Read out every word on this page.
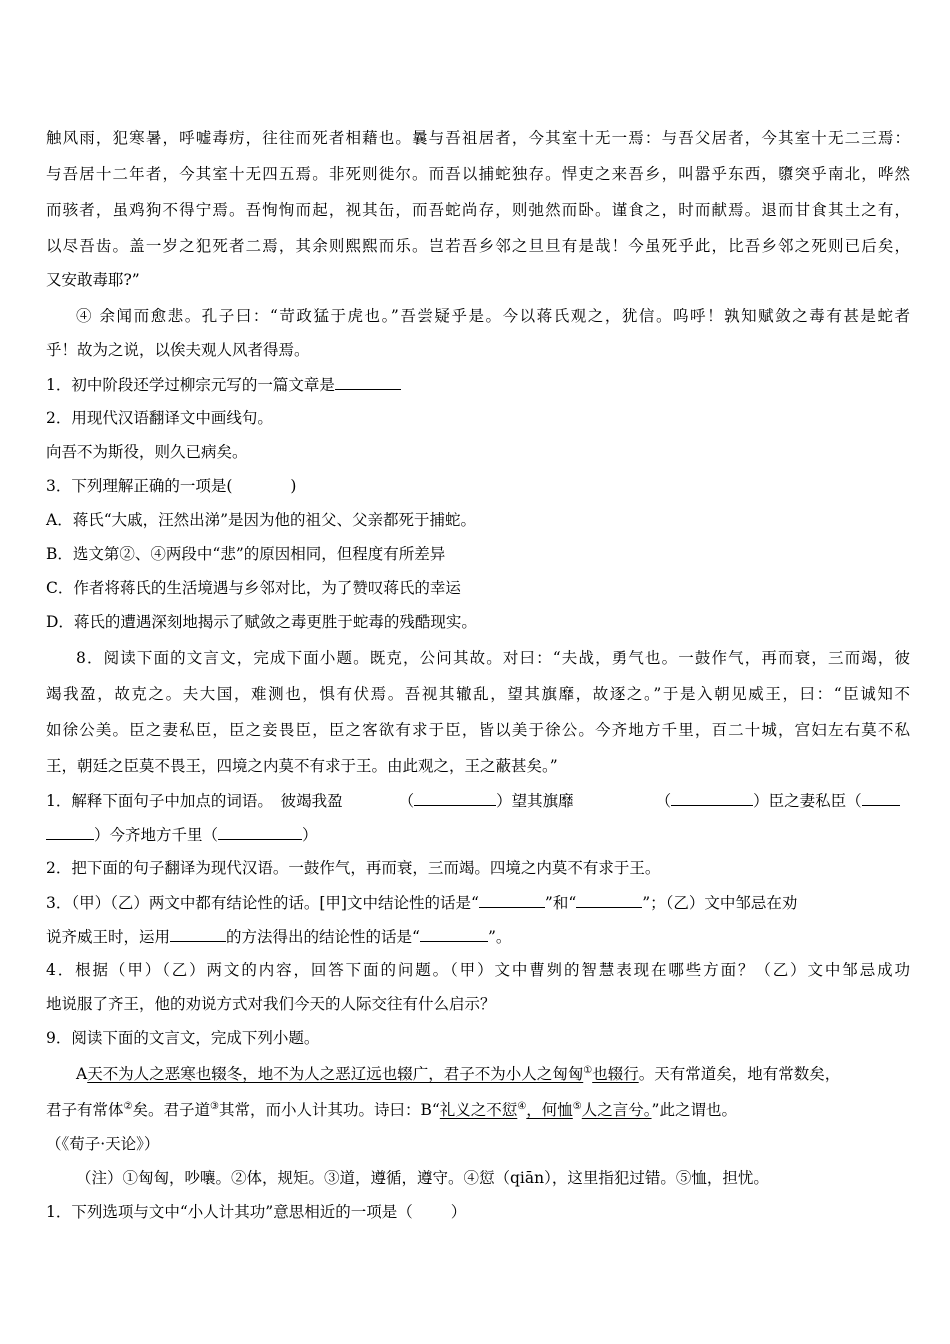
触风雨，犯寒暑，呼嘘毒疠，往往而死者相藉也。曩与吾祖居者，今其室十无一焉：与吾父居者，今其室十无二三焉：
与吾居十二年者，今其室十无四五焉。非死则徙尔。而吾以捕蛇独存。悍吏之来吾乡，叫嚣乎东西，隳突乎南北，哗然
而骇者，虽鸡狗不得宁焉。吾恂恂而起，视其缶，而吾蛇尚存，则弛然而卧。谨食之，时而献焉。退而甘食其土之有，
以尽吾齿。盖一岁之犯死者二焉，其余则熙熙而乐。岂若吾乡邻之旦旦有是哉！今虽死乎此，比吾乡邻之死则已后矣，
又安敢毒耶?”
④ 余闻而愈悲。孔子曰：“苛政猛于虎也。”吾尝疑乎是。今以蒋氏观之，犹信。呜呼！孰知赋敛之毒有甚是蛇者
乎！故为之说，以俟夫观人风者得焉。
1．初中阶段还学过柳宗元写的一篇文章是
2．用现代汉语翻译文中画线句。
向吾不为斯役，则久已病矣。
3．下列理解正确的一项是(	)
A．蒋氏“大戚，汪然出涕”是因为他的祖父、父亲都死于捕蛇。
B．选文第②、④两段中“悲”的原因相同，但程度有所差异
C．作者将蒋氏的生活境遇与乡邻对比，为了赞叹蒋氏的幸运
D．蒋氏的遭遇深刻地揭示了赋敛之毒更胜于蛇毒的残酷现实。
8．阅读下面的文言文，完成下面小题。既克，公问其故。对曰：“夫战，勇气也。一鼓作气，再而衰，三而竭，彼
竭我盈，故克之。夫大国，难测也，惧有伏焉。吾视其辙乱，望其旗靡，故逐之。”于是入朝见威王，曰：“臣诚知不
如徐公美。臣之妻私臣，臣之妾畏臣，臣之客欲有求于臣，皆以美于徐公。今齐地方千里，百二十城，宫妇左右莫不私
王，朝廷之臣莫不畏王，四境之内莫不有求于王。由此观之，王之蔽甚矣。”
1．解释下面句子中加点的词语。　彼竭我盈	（	）望其旗靡	（	）臣之妻私臣（
）今齐地方千里（	）
2．把下面的句子翻译为现代汉语。一鼓作气，再而衰，三而竭。四境之内莫不有求于王。
3．（甲）（乙）两文中都有结论性的话。[甲]文中结论性的话是“	”和“	”；（乙）文中邹忌在劝
说齐威王时，运用	的方法得出的结论性的话是“	”。
4．根据（甲）（乙）两文的内容，回答下面的问题。（甲）文中曹刿的智慧表现在哪些方面？（乙）文中邹忌成功
地说服了齐王，他的劝说方式对我们今天的人际交往有什么启示？
9．阅读下面的文言文，完成下列小题。
A天不为人之恶寒也辍冬，地不为人之恶辽远也辍广，君子不为小人之匈匈①也辍行。天有常道矣，地有常数矣，
君子有常体②矣。君子道③其常，而小人计其功。诗曰：B“礼义之不愆④，何恤⑤人之言兮。”此之谓也。
（《荀子·天论》）
（注）①匈匈，吵嚷。②体，规矩。③道，遵循，遵守。④愆（qiān），这里指犯过错。⑤恤，担忧。
1．下列选项与文中“小人计其功”意思相近的一项是（ ）
